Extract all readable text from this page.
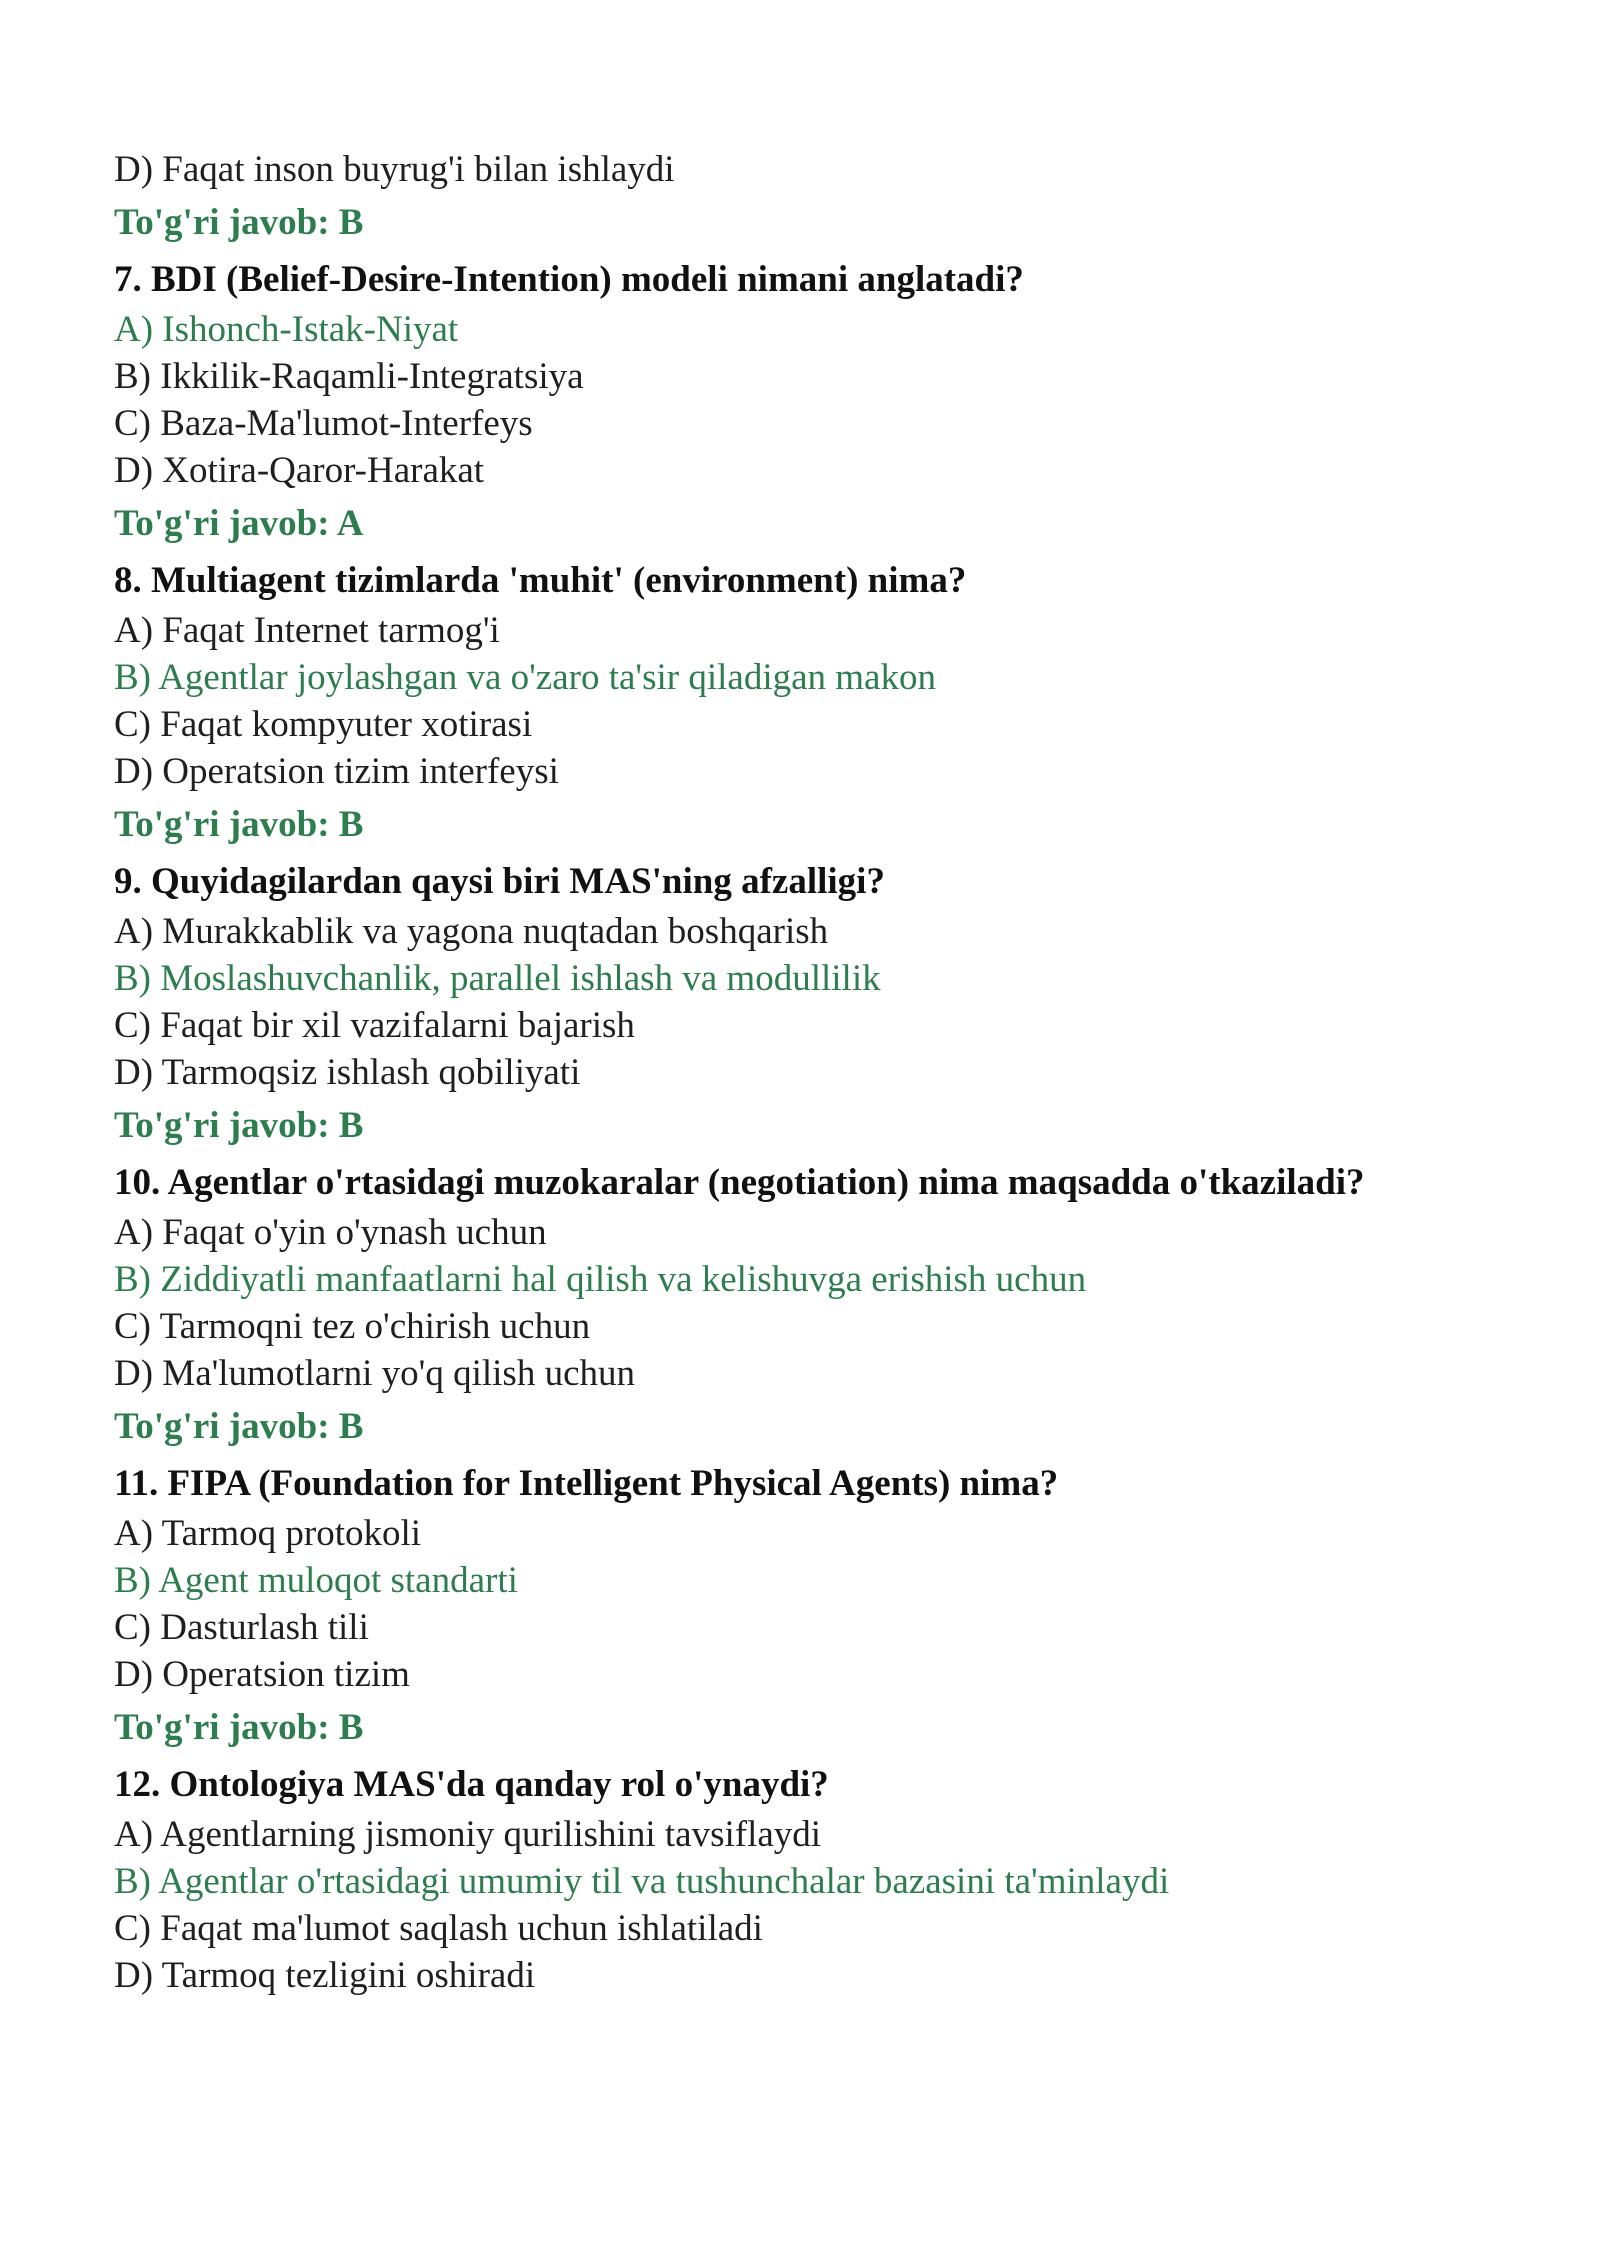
D) Faqat inson buyrug'i bilan ishlaydi
To'g'ri javob: B
7. BDI (Belief-Desire-Intention) modeli nimani anglatadi?
A) Ishonch-Istak-Niyat
B) Ikkilik-Raqamli-Integratsiya
C) Baza-Ma'lumot-Interfeys
D) Xotira-Qaror-Harakat
To'g'ri javob: A
8. Multiagent tizimlarda 'muhit' (environment) nima?
A) Faqat Internet tarmog'i
B) Agentlar joylashgan va o'zaro ta'sir qiladigan makon
C) Faqat kompyuter xotirasi
D) Operatsion tizim interfeysi
To'g'ri javob: B
9. Quyidagilardan qaysi biri MAS'ning afzalligi?
A) Murakkablik va yagona nuqtadan boshqarish
B) Moslashuvchanlik, parallel ishlash va modullilik
C) Faqat bir xil vazifalarni bajarish
D) Tarmoqsiz ishlash qobiliyati
To'g'ri javob: B
10. Agentlar o'rtasidagi muzokaralar (negotiation) nima maqsadda o'tkaziladi?
A) Faqat o'yin o'ynash uchun
B) Ziddiyatli manfaatlarni hal qilish va kelishuvga erishish uchun
C) Tarmoqni tez o'chirish uchun
D) Ma'lumotlarni yo'q qilish uchun
To'g'ri javob: B
11. FIPA (Foundation for Intelligent Physical Agents) nima?
A) Tarmoq protokoli
B) Agent muloqot standarti
C) Dasturlash tili
D) Operatsion tizim
To'g'ri javob: B
12. Ontologiya MAS'da qanday rol o'ynaydi?
A) Agentlarning jismoniy qurilishini tavsiflaydi
B) Agentlar o'rtasidagi umumiy til va tushunchalar bazasini ta'minlaydi
C) Faqat ma'lumot saqlash uchun ishlatiladi
D) Tarmoq tezligini oshiradi
